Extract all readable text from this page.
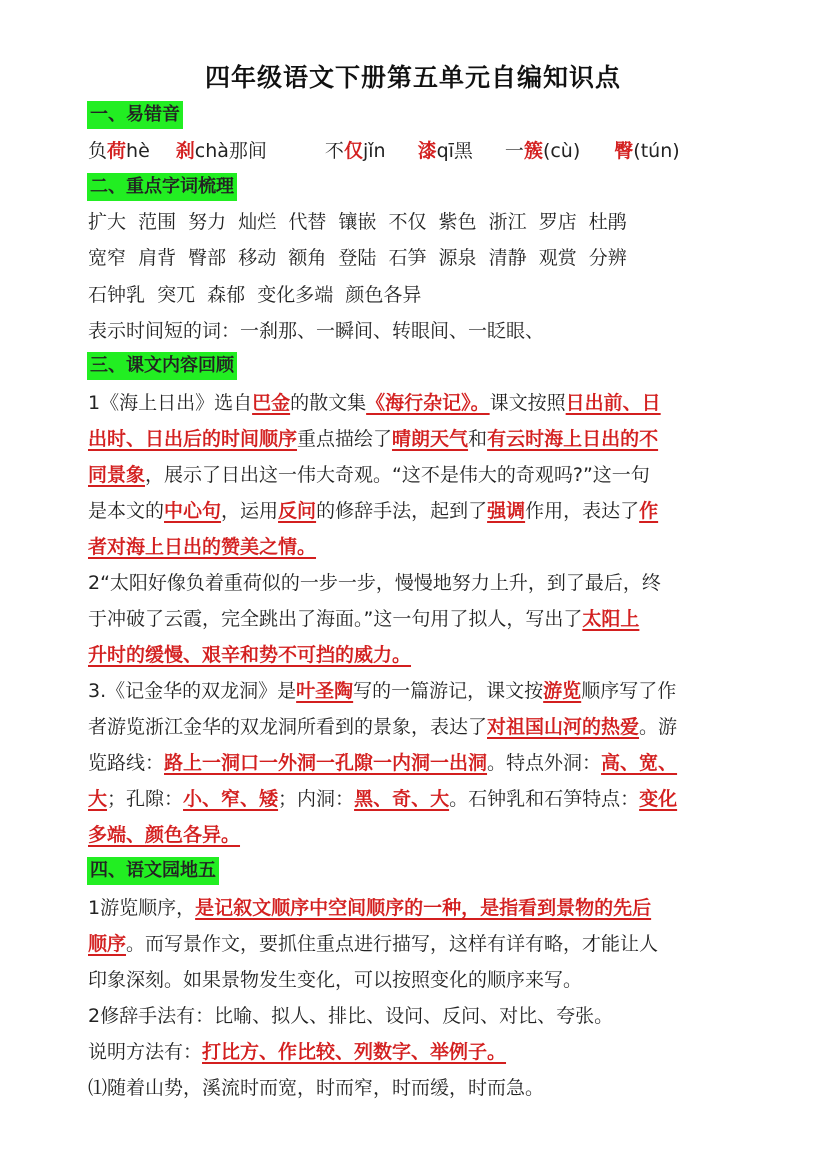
四年级语文下册第五单元自编知识点
一、易错音
负荷hè 刹chà那间	不仅jǐn 漆qī黑 一簇(cù) 臀(tún)
二、重点字词梳理
扩大  范围  努力  灿烂  代替  镶嵌  不仅  紫色  浙江  罗店  杜鹃
宽窄  肩背  臀部  移动  额角  登陆  石笋  源泉  清静  观赏  分辨
石钟乳  突兀  森郁  变化多端  颜色各异
表示时间短的词：一刹那、一瞬间、转眼间、一眨眼、
三、课文内容回顾
1《海上日出》选自巴金的散文集《海行杂记》。课文按照日出前、日
出时、日出后的时间顺序重点描绘了晴朗天气和有云时海上日出的不
同景象，展示了日出这一伟大奇观。“这不是伟大的奇观吗?”这一句
是本文的中心句，运用反问的修辞手法，起到了强调作用，表达了作
者对海上日出的赞美之情。
2“太阳好像负着重荷似的一步一步，慢慢地努力上升，到了最后，终
于冲破了云霞，完全跳出了海面。”这一句用了拟人，写出了太阳上
升时的缓慢、艰辛和势不可挡的威力。
3.《记金华的双龙洞》是叶圣陶写的一篇游记，课文按游览顺序写了作
者游览浙江金华的双龙洞所看到的景象，表达了对祖国山河的热爱。游
览路线：路上一洞口一外洞一孔隙一内洞一出洞。特点外洞：高、宽、
大；孔隙：小、窄、矮；内洞：黑、奇、大。石钟乳和石笋特点：变化
多端、颜色各异。
四、语文园地五
1游览顺序，是记叙文顺序中空间顺序的一种，是指看到景物的先后
顺序。而写景作文，要抓住重点进行描写，这样有详有略，才能让人
印象深刻。如果景物发生变化，可以按照变化的顺序来写。
2修辞手法有：比喻、拟人、排比、设问、反问、对比、夸张。
说明方法有：打比方、作比较、列数字、举例子。
⑴随着山势，溪流时而宽，时而窄，时而缓，时而急。
